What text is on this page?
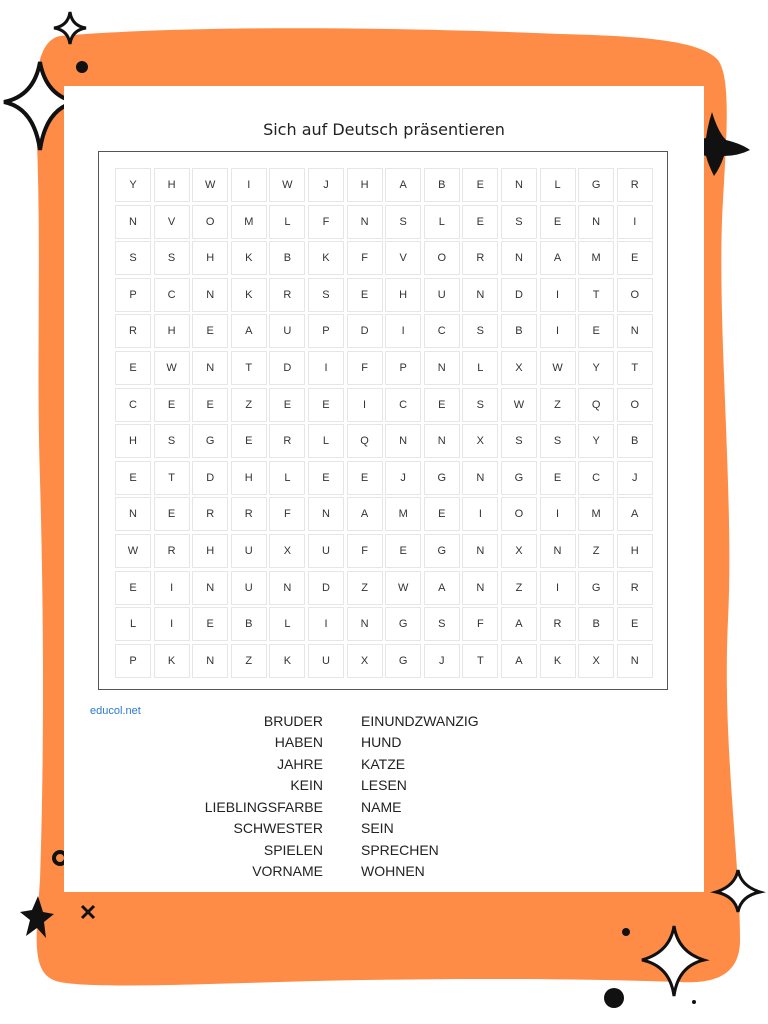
Sich auf Deutsch präsentieren
Y	H	W	I	W	J	H	A	B	E	N	L	G	R
N	V	O	M	L	F	N	S	L	E	S	E	N	I
S	S	H	K	B	K	F	V	O	R	N	A	M	E
P	C	N	K	R	S	E	H	U	N	D	I	T	O
R	H	E	A	U	P	D	I	C	S	B	I	E	N
E	W	N	T	D	I	F	P	N	L	X	W	Y	T
C	E	E	Z	E	E	I	C	E	S	W	Z	Q	O
H	S	G	E	R	L	Q	N	N	X	S	S	Y	B
E	T	D	H	L	E	E	J	G	N	G	E	C	J
N	E	R	R	F	N	A	M	E	I	O	I	M	A
W	R	H	U	X	U	F	E	G	N	X	N	Z	H
E	I	N	U	N	D	Z	W	A	N	Z	I	G	R
L	I	E	B	L	I	N	G	S	F	A	R	B	E
P	K	N	Z	K	U	X	G	J	T	A	K	X	N
educol.net
BRUDER	EINUNDZWANZIG
HABEN	HUND
JAHRE	KATZE
KEIN	LESEN
LIEBLINGSFARBE	NAME
SCHWESTER	SEIN
SPIELEN	SPRECHEN
VORNAME	WOHNEN
